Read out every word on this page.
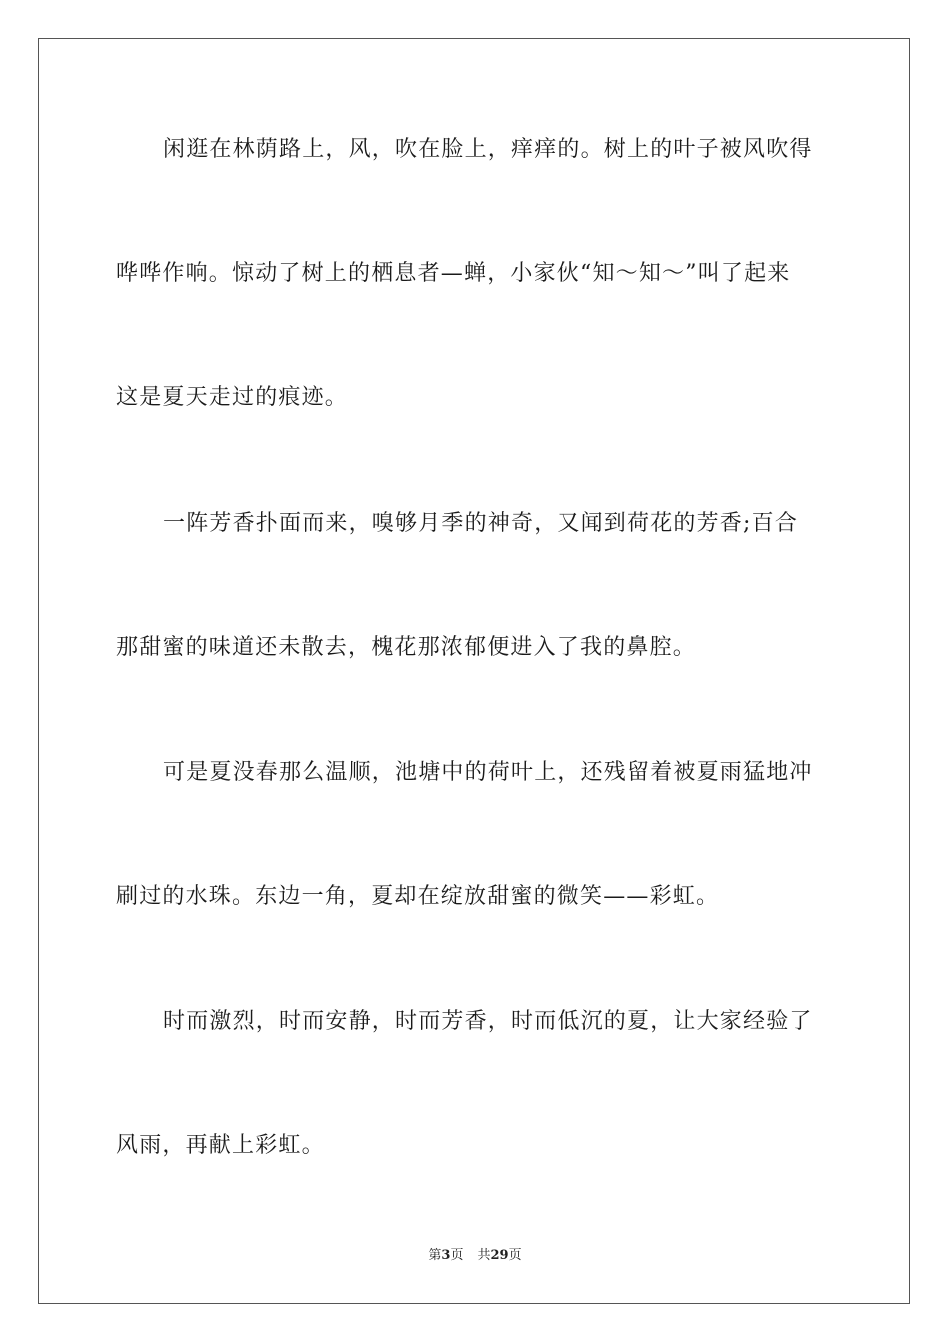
闲逛在林荫路上，风，吹在脸上，痒痒的。树上的叶子被风吹得
哗哗作响。惊动了树上的栖息者—蝉，小家伙“知～知～”叫了起来
这是夏天走过的痕迹。
一阵芳香扑面而来，嗅够月季的神奇，又闻到荷花的芳香;百合
那甜蜜的味道还未散去，槐花那浓郁便进入了我的鼻腔。
可是夏没春那么温顺，池塘中的荷叶上，还残留着被夏雨猛地冲
刷过的水珠。东边一角，夏却在绽放甜蜜的微笑——彩虹。
时而激烈，时而安静，时而芳香，时而低沉的夏，让大家经验了
风雨，再献上彩虹。
第3页 共29页
